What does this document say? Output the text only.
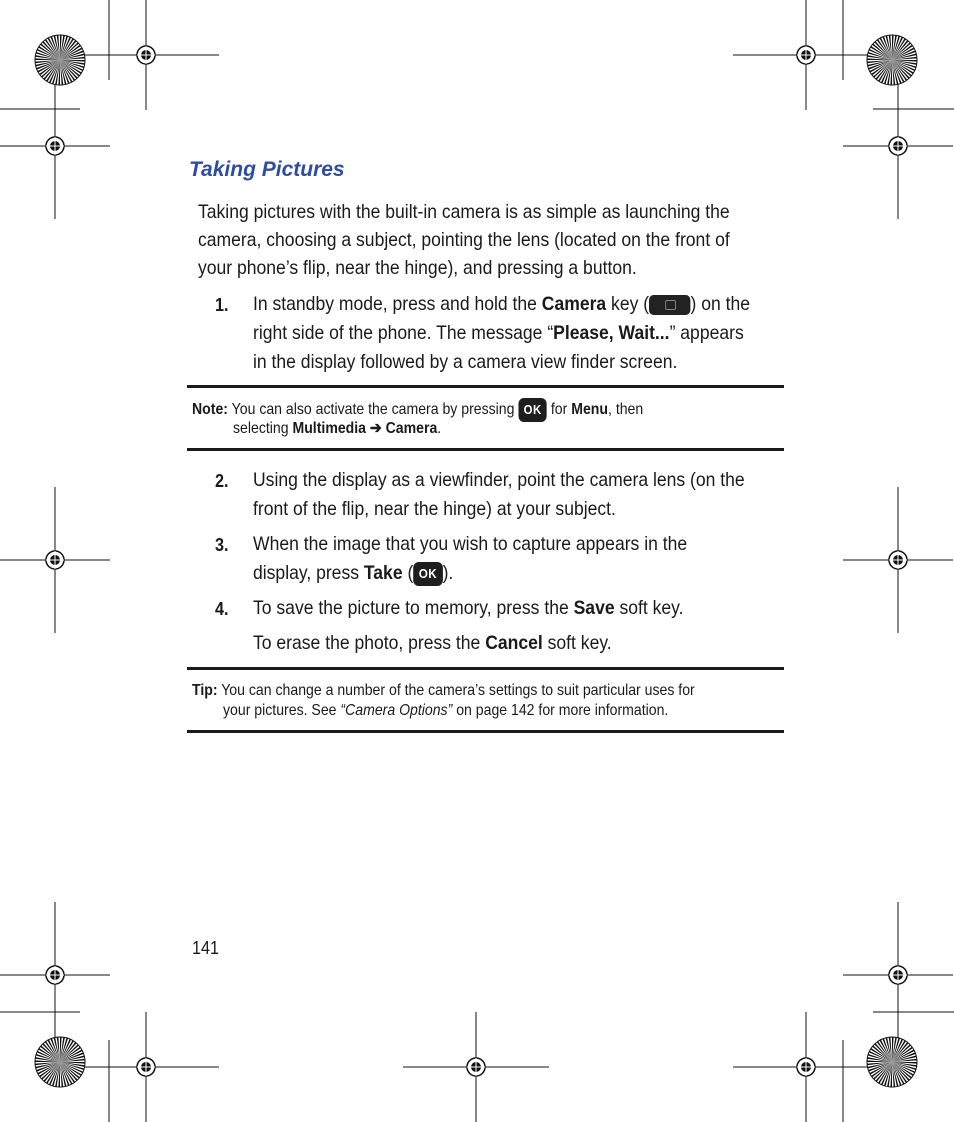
Taking Pictures
Taking pictures with the built-in camera is as simple as launching the
camera, choosing a subject, pointing the lens (located on the front of
your phone’s flip, near the hinge), and pressing a button.
1. In standby mode, press and hold the Camera key ( ) on the
right side of the phone. The message “Please, Wait...” appears
in the display followed by a camera view finder screen.
Note: You can also activate the camera by pressing OK for Menu, then
selecting Multimedia ➔ Camera.
2. Using the display as a viewfinder, point the camera lens (on the
front of the flip, near the hinge) at your subject.
3. When the image that you wish to capture appears in the
display, press Take ( OK ).
4. To save the picture to memory, press the Save soft key.
To erase the photo, press the Cancel soft key.
Tip: You can change a number of the camera’s settings to suit particular uses for
your pictures. See “Camera Options” on page 142 for more information.
141
